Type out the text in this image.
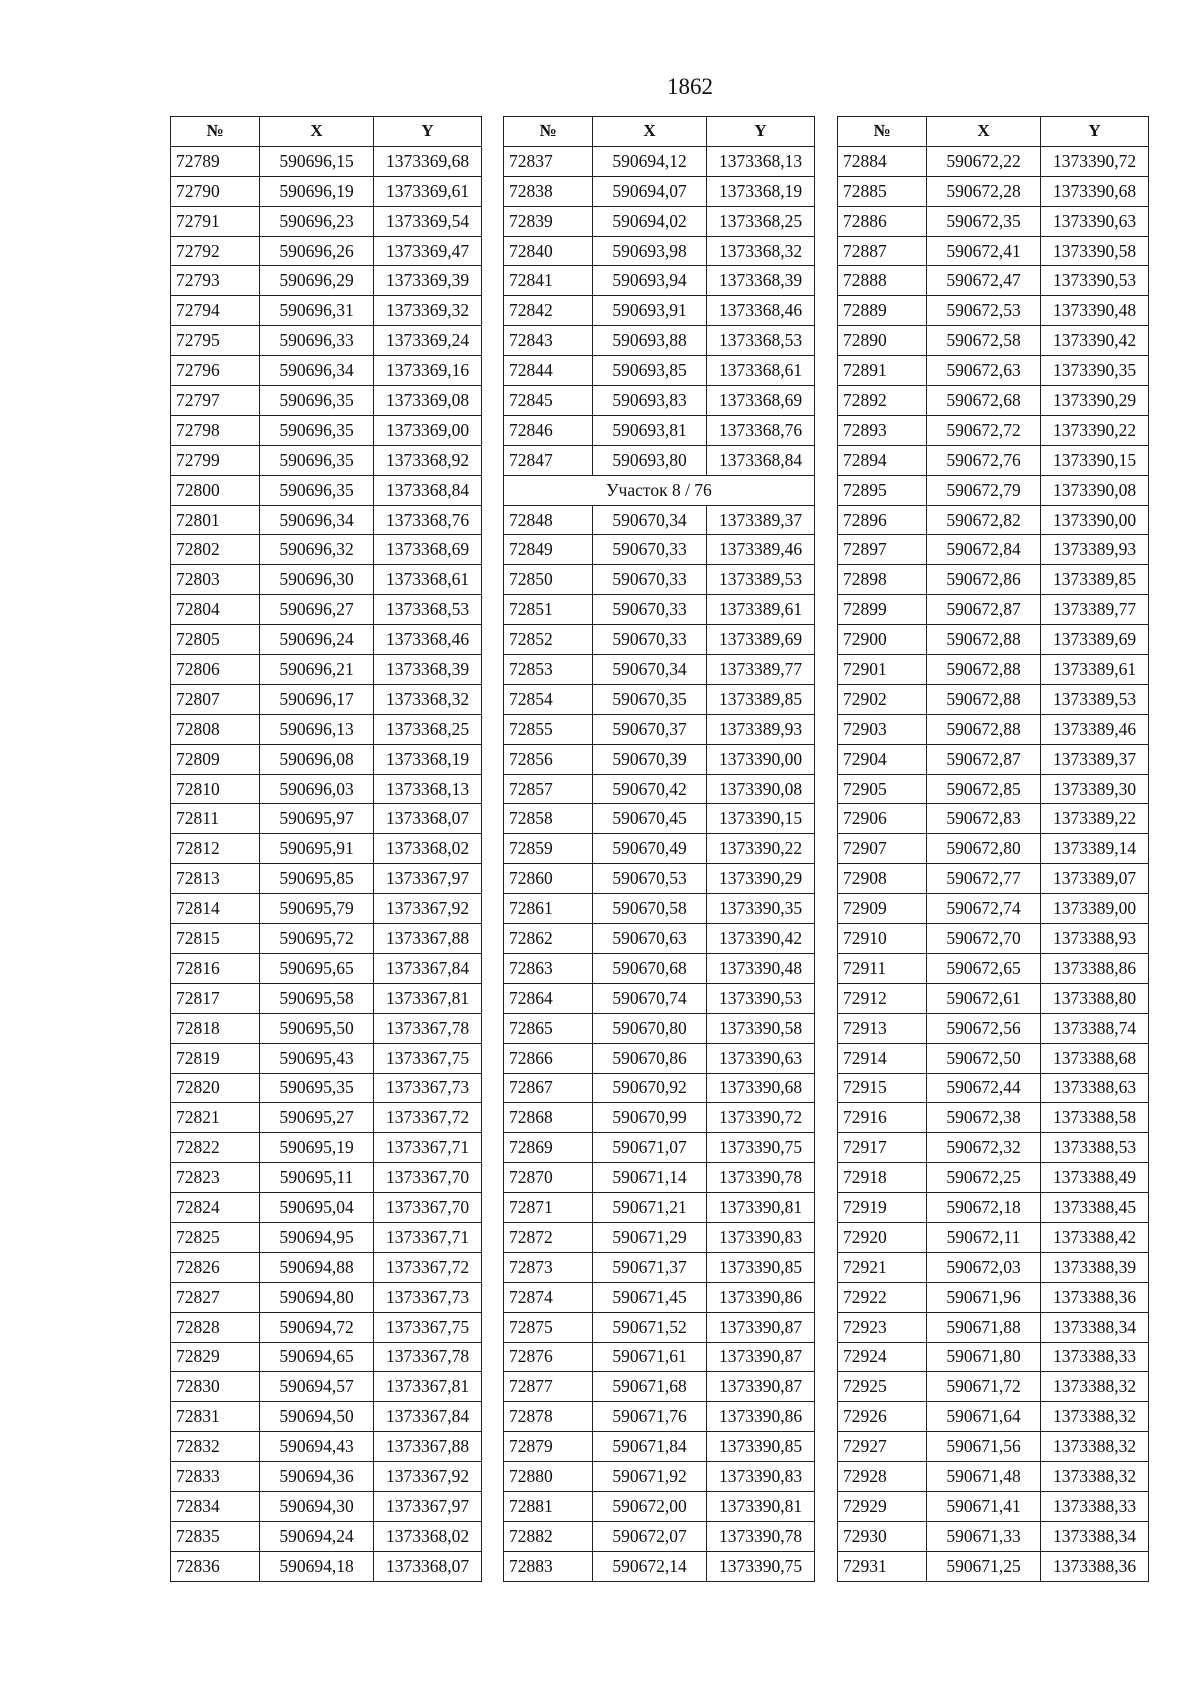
1862
№	X	Y
72789	590696,15	1373369,68
72790	590696,19	1373369,61
72791	590696,23	1373369,54
72792	590696,26	1373369,47
72793	590696,29	1373369,39
72794	590696,31	1373369,32
72795	590696,33	1373369,24
72796	590696,34	1373369,16
72797	590696,35	1373369,08
72798	590696,35	1373369,00
72799	590696,35	1373368,92
72800	590696,35	1373368,84
72801	590696,34	1373368,76
72802	590696,32	1373368,69
72803	590696,30	1373368,61
72804	590696,27	1373368,53
72805	590696,24	1373368,46
72806	590696,21	1373368,39
72807	590696,17	1373368,32
72808	590696,13	1373368,25
72809	590696,08	1373368,19
72810	590696,03	1373368,13
72811	590695,97	1373368,07
72812	590695,91	1373368,02
72813	590695,85	1373367,97
72814	590695,79	1373367,92
72815	590695,72	1373367,88
72816	590695,65	1373367,84
72817	590695,58	1373367,81
72818	590695,50	1373367,78
72819	590695,43	1373367,75
72820	590695,35	1373367,73
72821	590695,27	1373367,72
72822	590695,19	1373367,71
72823	590695,11	1373367,70
72824	590695,04	1373367,70
72825	590694,95	1373367,71
72826	590694,88	1373367,72
72827	590694,80	1373367,73
72828	590694,72	1373367,75
72829	590694,65	1373367,78
72830	590694,57	1373367,81
72831	590694,50	1373367,84
72832	590694,43	1373367,88
72833	590694,36	1373367,92
72834	590694,30	1373367,97
72835	590694,24	1373368,02
72836	590694,18	1373368,07
№	X	Y
72837	590694,12	1373368,13
72838	590694,07	1373368,19
72839	590694,02	1373368,25
72840	590693,98	1373368,32
72841	590693,94	1373368,39
72842	590693,91	1373368,46
72843	590693,88	1373368,53
72844	590693,85	1373368,61
72845	590693,83	1373368,69
72846	590693,81	1373368,76
72847	590693,80	1373368,84
Участок 8 / 76		
72848	590670,34	1373389,37
72849	590670,33	1373389,46
72850	590670,33	1373389,53
72851	590670,33	1373389,61
72852	590670,33	1373389,69
72853	590670,34	1373389,77
72854	590670,35	1373389,85
72855	590670,37	1373389,93
72856	590670,39	1373390,00
72857	590670,42	1373390,08
72858	590670,45	1373390,15
72859	590670,49	1373390,22
72860	590670,53	1373390,29
72861	590670,58	1373390,35
72862	590670,63	1373390,42
72863	590670,68	1373390,48
72864	590670,74	1373390,53
72865	590670,80	1373390,58
72866	590670,86	1373390,63
72867	590670,92	1373390,68
72868	590670,99	1373390,72
72869	590671,07	1373390,75
72870	590671,14	1373390,78
72871	590671,21	1373390,81
72872	590671,29	1373390,83
72873	590671,37	1373390,85
72874	590671,45	1373390,86
72875	590671,52	1373390,87
72876	590671,61	1373390,87
72877	590671,68	1373390,87
72878	590671,76	1373390,86
72879	590671,84	1373390,85
72880	590671,92	1373390,83
72881	590672,00	1373390,81
72882	590672,07	1373390,78
72883	590672,14	1373390,75
№	X	Y
72884	590672,22	1373390,72
72885	590672,28	1373390,68
72886	590672,35	1373390,63
72887	590672,41	1373390,58
72888	590672,47	1373390,53
72889	590672,53	1373390,48
72890	590672,58	1373390,42
72891	590672,63	1373390,35
72892	590672,68	1373390,29
72893	590672,72	1373390,22
72894	590672,76	1373390,15
72895	590672,79	1373390,08
72896	590672,82	1373390,00
72897	590672,84	1373389,93
72898	590672,86	1373389,85
72899	590672,87	1373389,77
72900	590672,88	1373389,69
72901	590672,88	1373389,61
72902	590672,88	1373389,53
72903	590672,88	1373389,46
72904	590672,87	1373389,37
72905	590672,85	1373389,30
72906	590672,83	1373389,22
72907	590672,80	1373389,14
72908	590672,77	1373389,07
72909	590672,74	1373389,00
72910	590672,70	1373388,93
72911	590672,65	1373388,86
72912	590672,61	1373388,80
72913	590672,56	1373388,74
72914	590672,50	1373388,68
72915	590672,44	1373388,63
72916	590672,38	1373388,58
72917	590672,32	1373388,53
72918	590672,25	1373388,49
72919	590672,18	1373388,45
72920	590672,11	1373388,42
72921	590672,03	1373388,39
72922	590671,96	1373388,36
72923	590671,88	1373388,34
72924	590671,80	1373388,33
72925	590671,72	1373388,32
72926	590671,64	1373388,32
72927	590671,56	1373388,32
72928	590671,48	1373388,32
72929	590671,41	1373388,33
72930	590671,33	1373388,34
72931	590671,25	1373388,36
